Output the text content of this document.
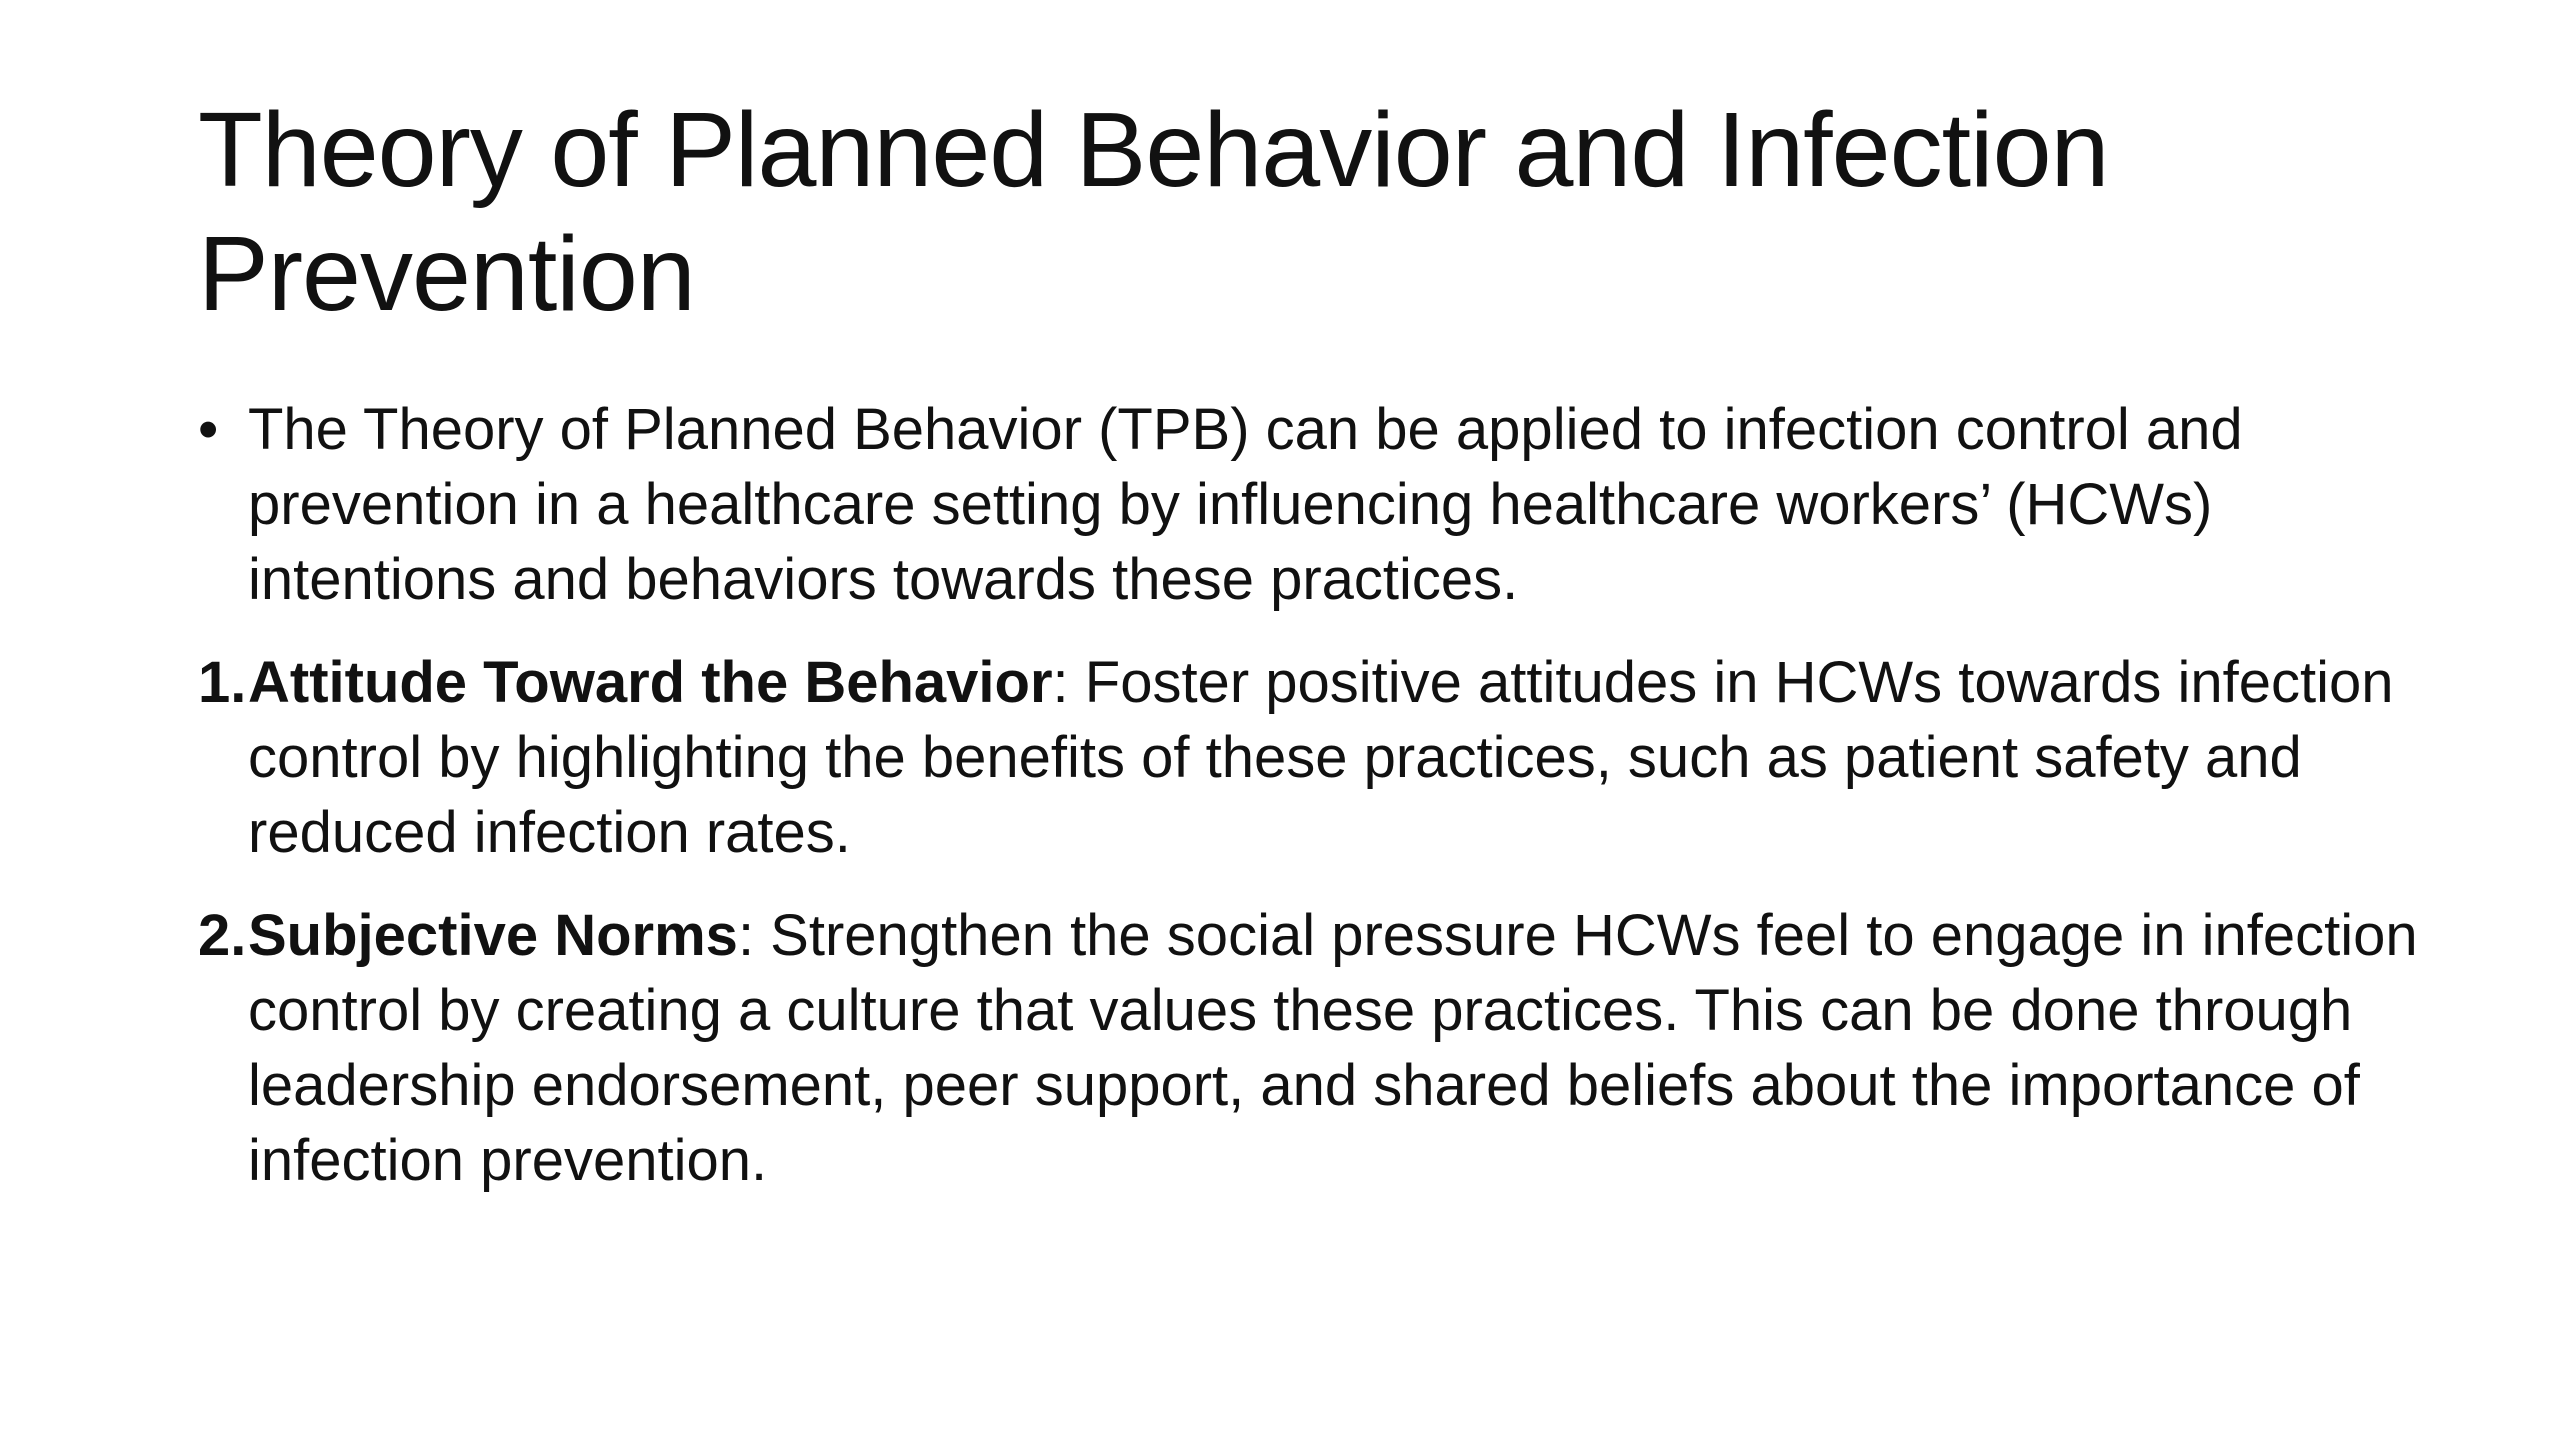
Theory of Planned Behavior and Infection Prevention
• The Theory of Planned Behavior (TPB) can be applied to infection control and prevention in a healthcare setting by influencing healthcare workers’ (HCWs) intentions and behaviors towards these practices.
1. Attitude Toward the Behavior: Foster positive attitudes in HCWs towards infection control by highlighting the benefits of these practices, such as patient safety and reduced infection rates.
2. Subjective Norms: Strengthen the social pressure HCWs feel to engage in infection control by creating a culture that values these practices. This can be done through leadership endorsement, peer support, and shared beliefs about the importance of infection prevention.
